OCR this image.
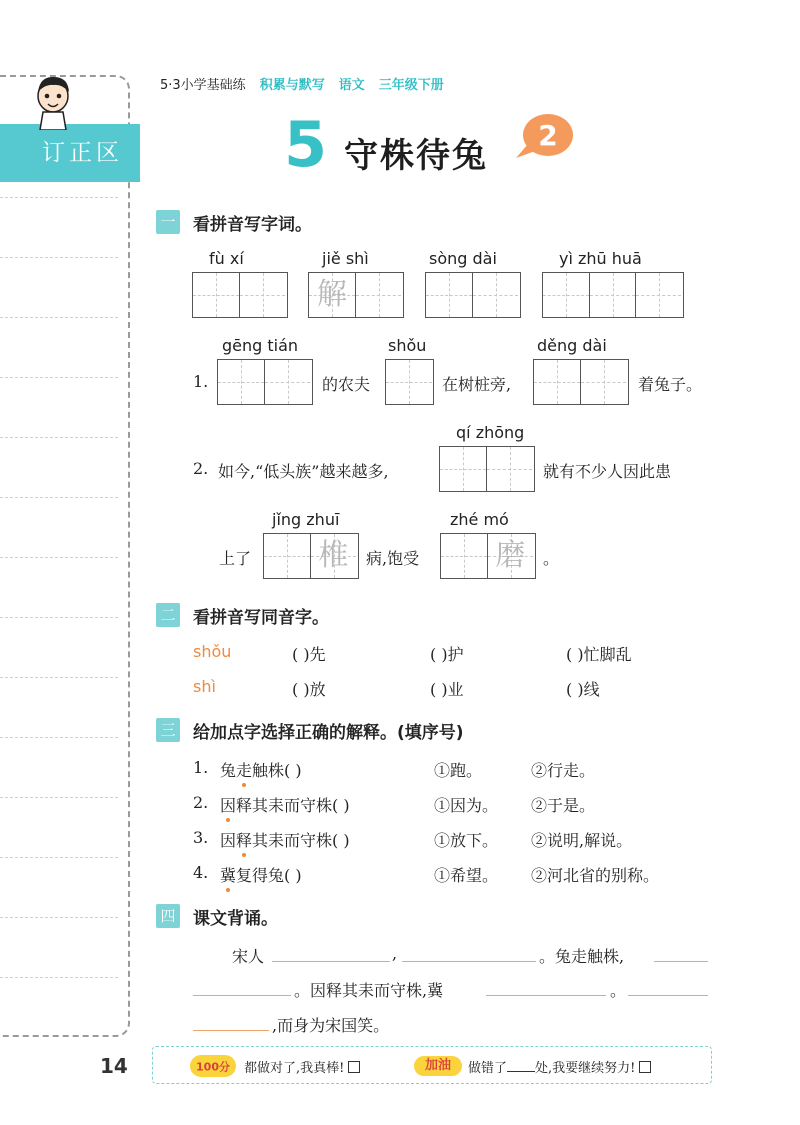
订正区
5·3小学基础练 积累与默写 语文 三年级下册
5 守株待兔
2
一 看拼音写字词。
fù xí	jiě shì
解
sòng dài	yì zhū huā
1.
gēng tián
的农夫
shǒu
在树桩旁,
děng dài
着兔子。
2. 如今,“低头族”越来越多,
qí zhōng
就有不少人因此患
上了
jǐng zhuī
椎	病,饱受
zhé mó
磨	。
二 看拼音写同音字。
shǒu	( )先	( )护	( )忙脚乱
shì	( )放	( )业	( )线
三 给加点字选择正确的解释。(填序号)
1. 兔走触株( )	①跑。	②行走。
2. 因释其耒而守株( )	①因为。 ②于是。
3. 因释其耒而守株( )	①放下。 ②说明,解说。
4. 冀复得兔( )	①希望。 ②河北省的别称。
四 课文背诵。
宋人	,	。兔走触株,
。因释其耒而守株,冀	。
,而身为宋国笑。
14	100分 都做对了,我真棒!	加油	做错了 处,我要继续努力!
